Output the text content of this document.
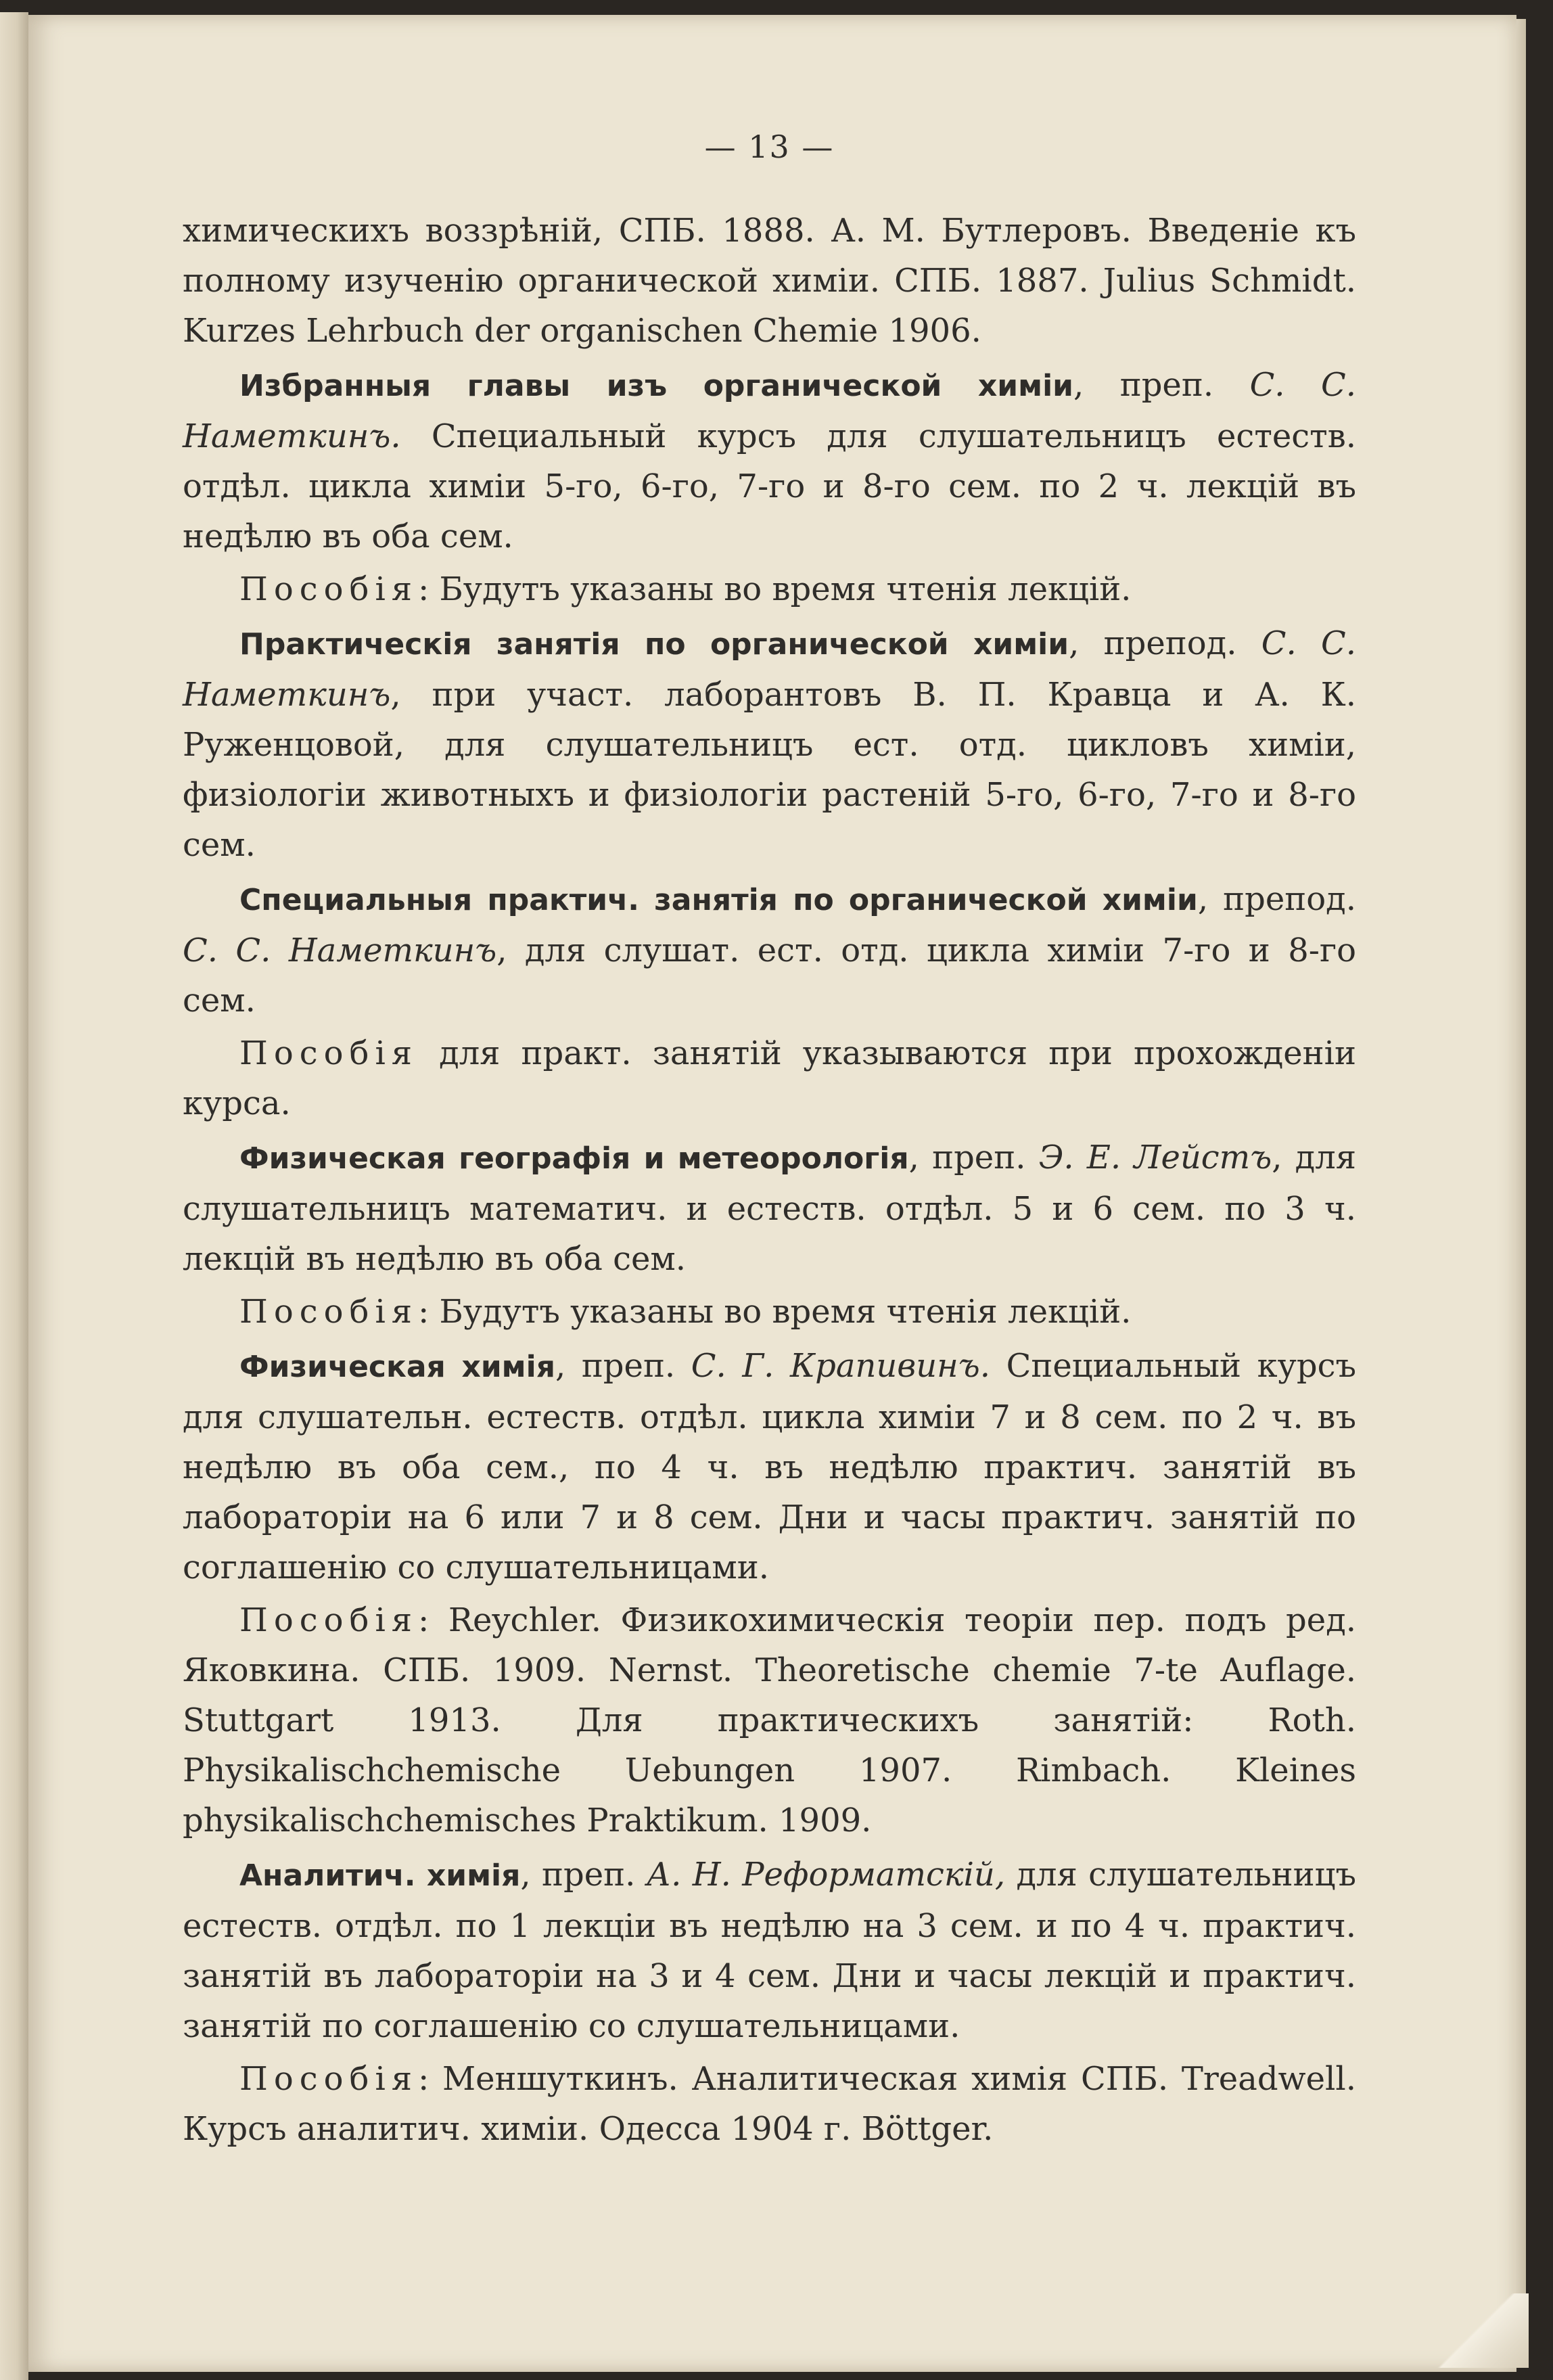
— 13 —

химическихъ воззрѣній, СПБ. 1888. А. М. Бутлеровъ. Введеніе къ полному изученію органической химіи. СПБ. 1887. Julius Schmidt. Kurzes Lehrbuch der organischen Chemie 1906.

Избранныя главы изъ органической химіи, преп. С. С. Наметкинъ. Специальный курсъ для слушательницъ естеств. отдѣл. цикла химіи 5-го, 6-го, 7-го и 8-го сем. по 2 ч. лекцій въ недѣлю въ оба сем.

Пособія: Будутъ указаны во время чтенія лекцій.

Практическія занятія по органической химіи, препод. С. С. Наметкинъ, при участ. лаборантовъ В. П. Кравца и А. К. Руженцовой, для слушательницъ ест. отд. цикловъ химіи, физіологіи животныхъ и физіологіи растеній 5-го, 6-го, 7-го и 8-го сем.

Специальныя практич. занятія по органической химіи, препод. С. С. Наметкинъ, для слушат. ест. отд. цикла химіи 7-го и 8-го сем.

Пособія для практ. занятій указываются при прохожденіи курса.

Физическая географія и метеорологія, преп. Э. Е. Лейстъ, для слушательницъ математич. и естеств. отдѣл. 5 и 6 сем. по 3 ч. лекцій въ недѣлю въ оба сем.

Пособія: Будутъ указаны во время чтенія лекцій.

Физическая химія, преп. С. Г. Крапивинъ. Специальный курсъ для слушательн. естеств. отдѣл. цикла химіи 7 и 8 сем. по 2 ч. въ недѣлю въ оба сем., по 4 ч. въ недѣлю практич. занятій въ лабораторіи на 6 или 7 и 8 сем. Дни и часы практич. занятій по соглашенію со слушательницами.

Пособія: Reychler. Физикохимическія теоріи пер. подъ ред. Яковкина. СПБ. 1909. Nernst. Theoretische chemie 7-te Auflage. Stuttgart 1913. Для практическихъ занятій: Roth. Physikalischchemische Uebungen 1907. Rimbach. Kleines physikalischchemisches Praktikum. 1909.

Аналитич. химія, преп. А. Н. Реформатскій, для слушательницъ естеств. отдѣл. по 1 лекціи въ недѣлю на 3 сем. и по 4 ч. практич. занятій въ лабораторіи на 3 и 4 сем. Дни и часы лекцій и практич. занятій по соглашенію со слушательницами.

Пособія: Меншуткинъ. Аналитическая химія СПБ. Treadwell. Курсъ аналитич. химіи. Одесса 1904 г. Böttger.
